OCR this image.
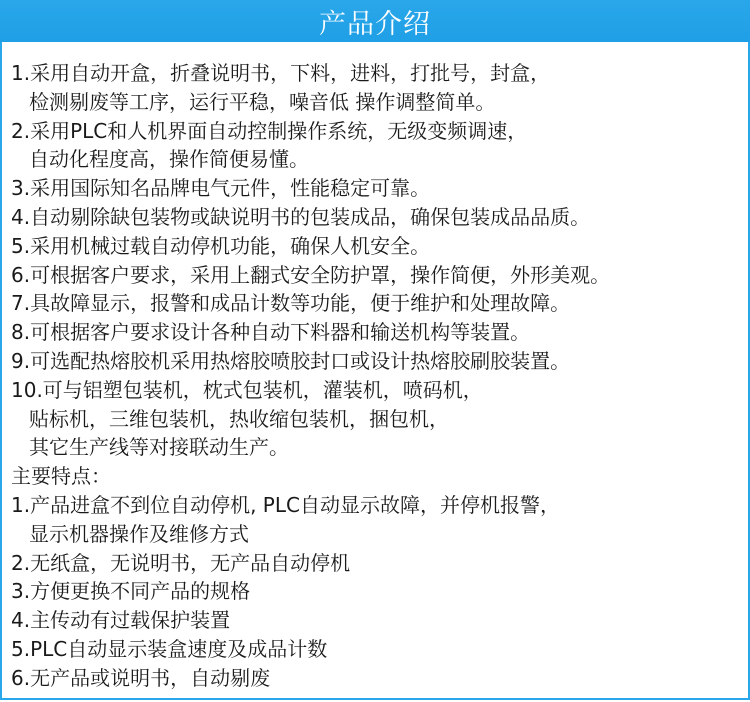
产品介绍
1.采用自动开盒，折叠说明书，下料，进料，打批号，封盒，
检测剔废等工序，运行平稳，噪音低 操作调整简单。
2.采用PLC和人机界面自动控制操作系统，无级变频调速，
自动化程度高，操作简便易懂。
3.采用国际知名品牌电气元件，性能稳定可靠。
4.自动剔除缺包装物或缺说明书的包装成品，确保包装成品品质。
5.采用机械过载自动停机功能，确保人机安全。
6.可根据客户要求，采用上翻式安全防护罩，操作简便，外形美观。
7.具故障显示，报警和成品计数等功能，便于维护和处理故障。
8.可根据客户要求设计各种自动下料器和输送机构等装置。
9.可选配热熔胶机采用热熔胶喷胶封口或设计热熔胶刷胶装置。
10.可与铝塑包装机，枕式包装机，灌装机，喷码机，
贴标机，三维包装机，热收缩包装机，捆包机，
其它生产线等对接联动生产。
主要特点：
1.产品进盒不到位自动停机, PLC自动显示故障，并停机报警，
显示机器操作及维修方式
2.无纸盒，无说明书，无产品自动停机
3.方便更换不同产品的规格
4.主传动有过载保护装置
5.PLC自动显示装盒速度及成品计数
6.无产品或说明书，自动剔废
